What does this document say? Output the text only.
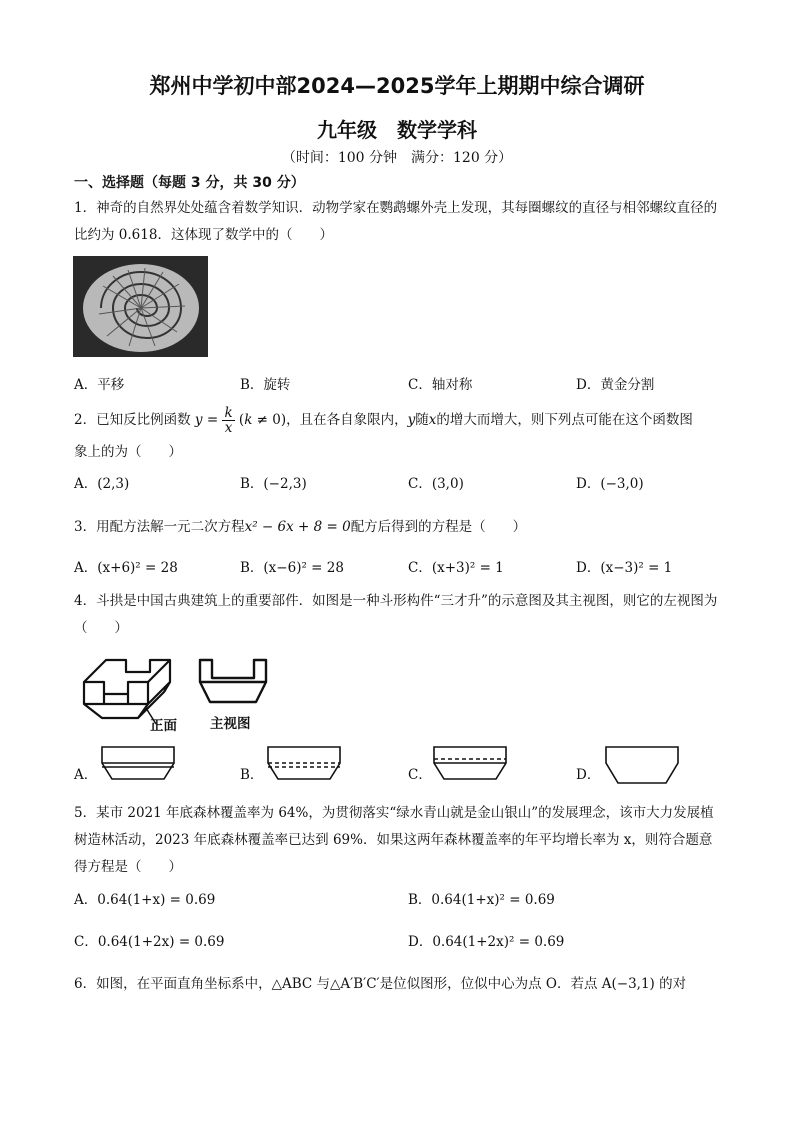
郑州中学初中部2024—2025学年上期期中综合调研
九年级　数学学科
（时间：100 分钟　满分：120 分）
一、选择题（每题 3 分，共 30 分）
1．神奇的自然界处处蕴含着数学知识．动物学家在鹦鹉螺外壳上发现，其每圈螺纹的直径与相邻螺纹直径的比约为 0.618．这体现了数学中的（　　）
A．平移	B．旋转	C．轴对称	D．黄金分割
2．已知反比例函数 $y = \frac{k}{x} (k \ne 0)$，且在各自象限内，y随x的增大而增大，则下列点可能在这个函数图
象上的为（　　）
A．(2,3)	B．(−2,3)	C．(3,0)	D．(−3,0)
3．用配方法解一元二次方程x² − 6x + 8 = 0配方后得到的方程是（　　）
A．(x+6)² = 28	B．(x−6)² = 28	C．(x+3)² = 1	D．(x−3)² = 1
4．斗拱是中国古典建筑上的重要部件．如图是一种斗形构件“三才升”的示意图及其主视图，则它的左视图为（　　）
正面 主视图
A．	B．	C．	D．
5．某市 2021 年底森林覆盖率为 64%，为贯彻落实“绿水青山就是金山银山”的发展理念，该市大力发展植树造林活动，2023 年底森林覆盖率已达到 69%．如果这两年森林覆盖率的年平均增长率为 x，则符合题意得方程是（　　）
A．0.64(1+x) = 0.69	B．0.64(1+x)² = 0.69
C．0.64(1+2x) = 0.69	D．0.64(1+2x)² = 0.69
6．如图，在平面直角坐标系中，△ABC 与△A′B′C′是位似图形，位似中心为点 O．若点 A(−3,1) 的对
